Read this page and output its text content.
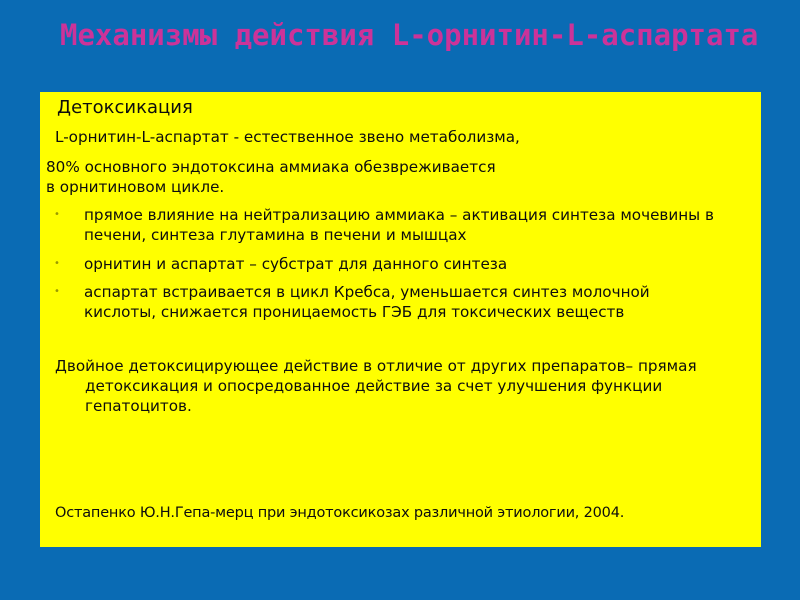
Механизмы действия L-орнитин-L-аспартата
Детоксикация
L-орнитин-L-аспартат - естественное звено метаболизма,
80% основного эндотоксина аммиака обезвреживается
в орнитиновом цикле.
• прямое влияние на нейтрализацию аммиака – активация синтеза мочевины в печени, синтеза глутамина в печени и мышцах
• орнитин и аспартат – субстрат для данного синтеза
• аспартат встраивается в цикл Кребса, уменьшается синтез молочной кислоты, снижается проницаемость ГЭБ для токсических веществ
Двойное детоксицирующее действие в отличие от других препаратов– прямая детоксикация и опосредованное действие за счет улучшения функции гепатоцитов.
Остапенко Ю.Н.Гепа-мерц при эндотоксикозах различной этиологии, 2004.
